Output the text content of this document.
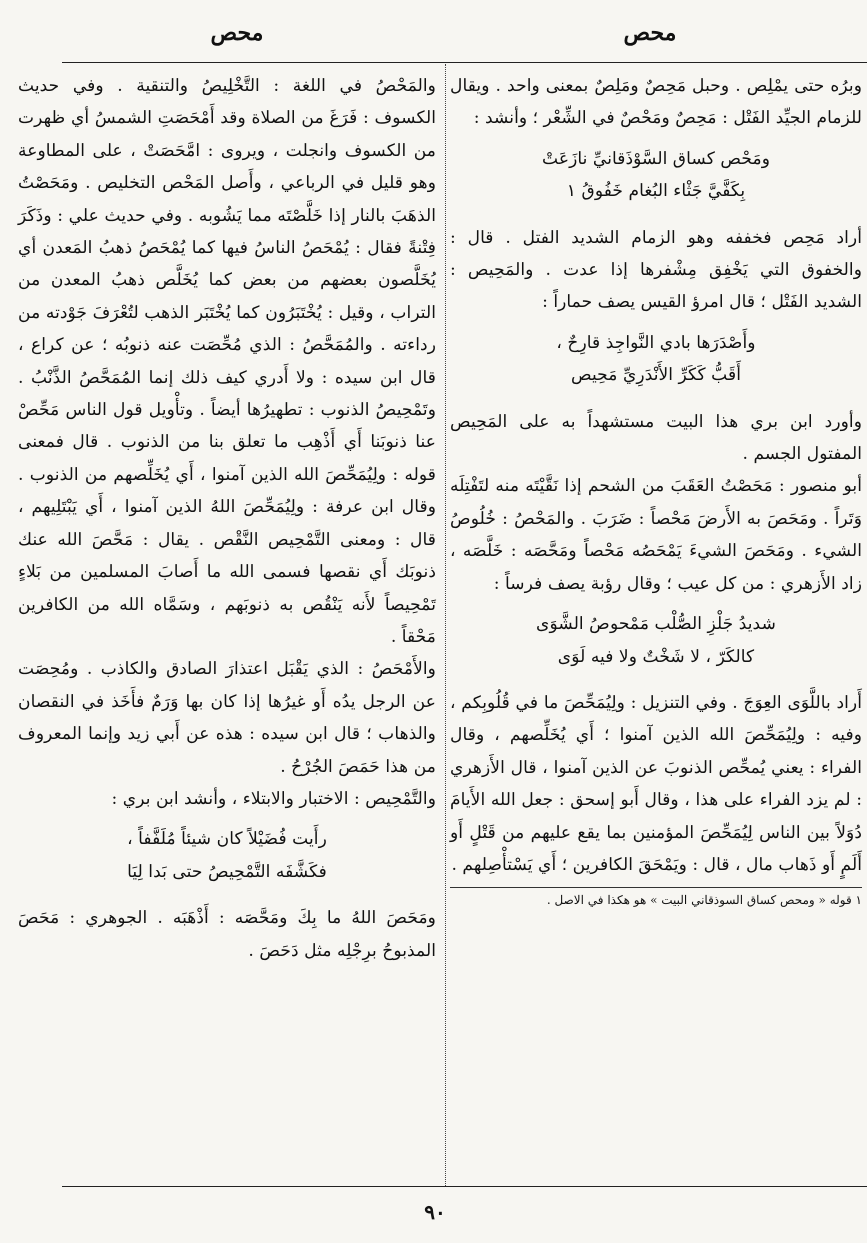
محص
محص

وبرُه حتى يمْلِص . وحبل مَحِصٌ ومَلِصٌ بمعنى واحد . ويقال للزمام الجيِّد الفَتْل : مَحِصٌ ومَحْصٌ في الشِّعْر ؛ وأنشد :

ومَحْص كساق السَّوْذَقانيِّ نازَعَتْ
بِكَفَّيَّ جَثْاء البُغام خَفُوقُ ١

أراد مَحِص فخففه وهو الزمام الشديد الفتل . قال : والخفوق التي يَخْفِق مِشْفرها إذا عدت . والمَحِيص : الشديد الفَتْل ؛ قال امرؤ القيس يصف حماراً :

وأَصْدَرَها بادي النَّواجِذ قارِحٌ ،
أَقَبُّ كَكَرِّ الأَنْدَرِيِّ مَحِيص

وأورد ابن بري هذا البيت مستشهداً به على المَحِيص المفتول الجسم .

أبو منصور : مَحَصْتُ العَقَبَ من الشحم إذا نَقَّيْتَه منه لتَفْتِلَه وَتَراً . ومَحَصَ به الأَرضَ مَحْصاً : ضَرَبَ . والمَحْصُ : خُلُوصُ الشيء . ومَحَصَ الشيءَ يَمْحَصُه مَحْصاً ومَحَّصَه : خَلَّصَه ، زاد الأَزهري : من كل عيب ؛ وقال رؤبة يصف فرساً :

شديدُ جَلْزِ الصُّلْب مَمْحوصُ الشَّوَى
كالكَرّ ، لا شَخْتٌ ولا فيه لَوَى

أَراد باللَّوَى العِوَجَ . وفي التنزيل : ولِيُمَحِّصَ ما في قُلُوبِكم ، وفيه : ولِيُمَحِّصَ الله الذين آمنوا ؛ أَي يُخَلِّصهم ، وقال الفراء : يعني يُمحِّص الذنوبَ عن الذين آمنوا ، قال الأَزهري : لم يزد الفراء على هذا ، وقال أَبو إسحق : جعل الله الأَيامَ دُوَلاً بين الناس لِيُمَحِّصَ المؤمنين بما يقع عليهم من قَتْلٍ أَو أَلَمٍ أَو ذَهاب مال ، قال : ويَمْحَقَ الكافرين ؛ أَي يَسْتأْصِلهم .

١ قوله « ومحص كساق السوذقاني البيت » هو هكذا في الاصل .

والمَحْصُ في اللغة : التَّخْلِيصُ والتنقية . وفي حديث الكسوف : فَرَغَ من الصلاة وقد أَمْحَصَتِ الشمسُ أي ظهرت من الكسوف وانجلت ، ويروى : امَّحَصَتْ ، على المطاوعة وهو قليل في الرباعي ، وأَصل المَحْص التخليص . ومَحَصْتُ الذهَبَ بالنار إذا خَلَّصْتَه مما يَشُوبه . وفي حديث علي : وذَكَرَ فِتْنةً فقال : يُمْحَصُ الناسُ فيها كما يُمْحَصُ ذهبُ المَعدن أي يُخَلَّصون بعضهم من بعض كما يُخَلَّص ذهبُ المعدن من التراب ، وقيل : يُخْتَبَرُون كما يُخْتَبَر الذهب لتُعْرَفَ جَوْدته من رداءته . والمُمَحَّصُ : الذي مُحِّصَت عنه ذنوبُه ؛ عن كراع ، قال ابن سيده : ولا أَدري كيف ذلك إنما المُمَحَّصُ الذَّنْبُ . وتَمْحِيصُ الذنوب : تطهيرُها أيضاً . وتأْويل قول الناس مَحِّصْ عنا ذنوبَنا أَي أَذْهِب ما تعلق بنا من الذنوب . قال فمعنى قوله : ولِيُمَحِّصَ الله الذين آمنوا ، أَي يُخَلِّصهم من الذنوب . وقال ابن عرفة : ولِيُمَحِّصَ اللهُ الذين آمنوا ، أَي يَبْتَلِيهم ، قال : ومعنى التَّمْحِيص النَّقْص . يقال : مَحَّصَ الله عنك ذنوبَك أَي نقصها فسمى الله ما أَصابَ المسلمين من بَلاءٍ تَمْحِيصاً لأَنه يَنْقُص به ذنوبَهم ، وسَمَّاه الله من الكافرين مَحْقاً .

والأَمْحَصُ : الذي يَقْبَل اعتذارَ الصادق والكاذب . ومُحِصَت عن الرجل يدُه أَو غيرُها إذا كان بها وَرَمٌ فأَخَذ في النقصان والذهاب ؛ قال ابن سيده : هذه عن أَبي زيد وإنما المعروف من هذا حَمَصَ الجُرْحُ .

والتَّمْحِيص : الاختبار والابتلاء ، وأنشد ابن بري :

رأَيت فُضَيْلاً كان شيئاً مُلَفَّفاً ،
فكَشَّفَه التَّمْحِيصُ حتى بَدا لِيَا

ومَحَصَ اللهُ ما بِكَ ومَحَّصَه : أَذْهَبَه . الجوهري : مَحَصَ المذبوحُ برِجْلِه مثل دَحَصَ .

٩٠
